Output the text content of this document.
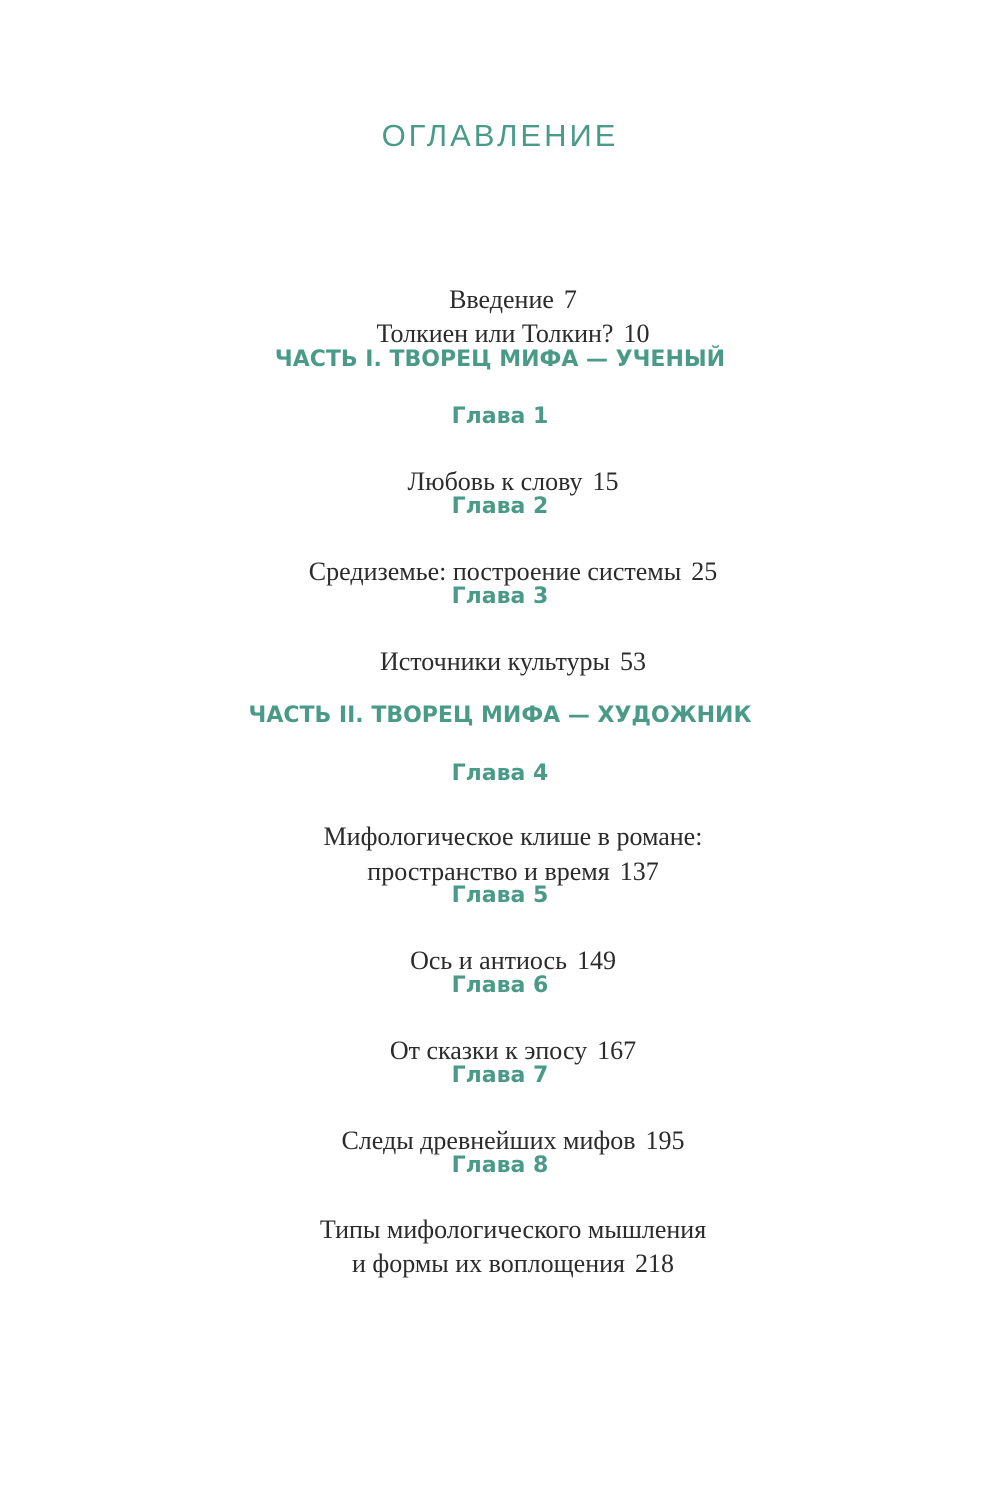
ОГЛАВЛЕНИЕ

Введение 7

Толкиен или Толкин? 10

ЧАСТЬ I. ТВОРЕЦ МИФА — УЧЕНЫЙ
Глава 1

Любовь к слову 15

Глава 2

Средиземье: построение системы 25

Глава 3

Источники культуры 53

ЧАСТЬ II. ТВОРЕЦ МИФА — ХУДОЖНИК
Глава 4

Мифологическое клише в романе:

пространство и время 137

Глава 5

Ось и антиось 149

Глава 6

От сказки к эпосу 167

Глава 7

Следы древнейших мифов 195

Глава 8

Типы мифологического мышления

и формы их воплощения 218
